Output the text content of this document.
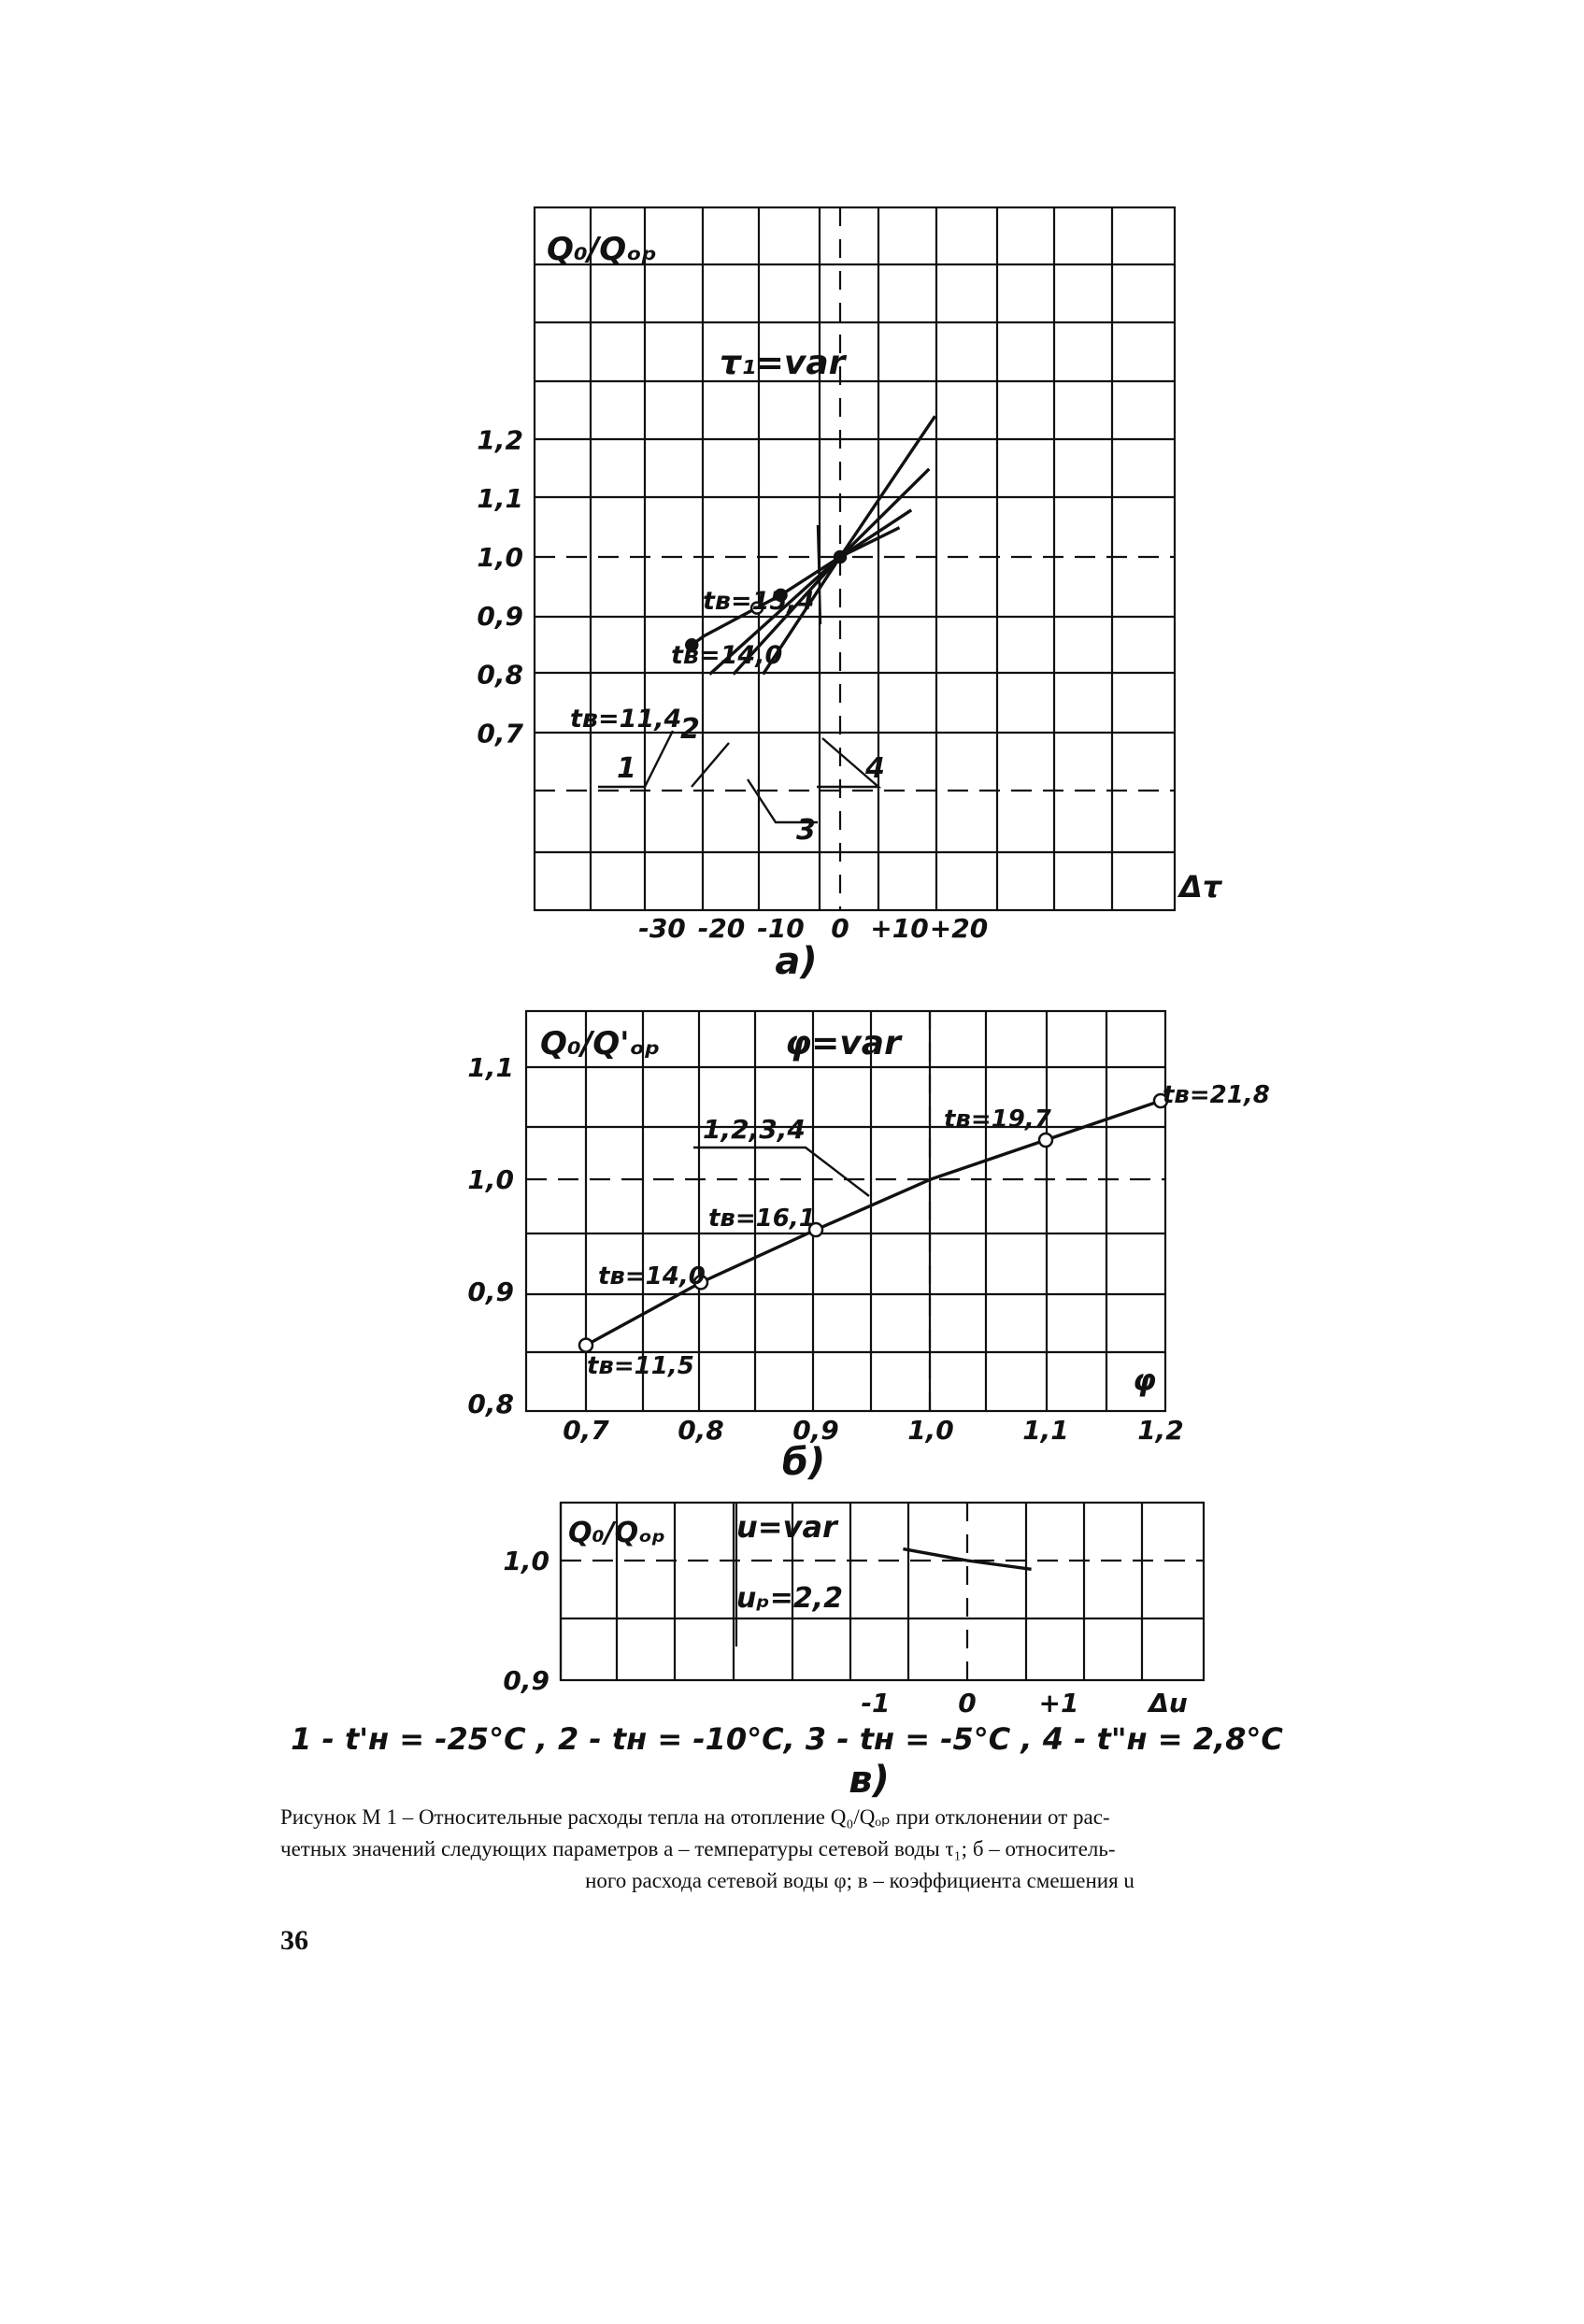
Q₀/Qₒₚ
τ₁=var
Δτ
а)
0,7
0,8
0,9
1,0
1,1
1,2
-30 -20 -10 0 +10 +20
tв=15,4
tв=14,0
tв=11,4
1
2
3
4
Q₀/Q'ₒₚ	φ=var
φ
б)
0,8
0,9
1,0
1,1
0,7	0,8	0,9	1,0	1,1	1,2
1,2,3,4
tв=11,5
tв=14,0
tв=16,1
tв=19,7
tв=21,8
Q₀/Qₒₚ u=var
uₚ=2,2
в)
0,9
1,0
-1	0 +1	Δu
1 - t'н = -25°С , 2 - tн = -10°С, 3 - tн = -5°С , 4 - t"н = 2,8°С
Рисунок М 1 – Относительные расходы тепла на отопление Q₀/Qₒₚ при отклонении от рас-
четных значений следующих параметров а – температуры сетевой воды τ₁; б – относитель-
ного расхода сетевой воды φ; в – коэффициента смешения u
36
